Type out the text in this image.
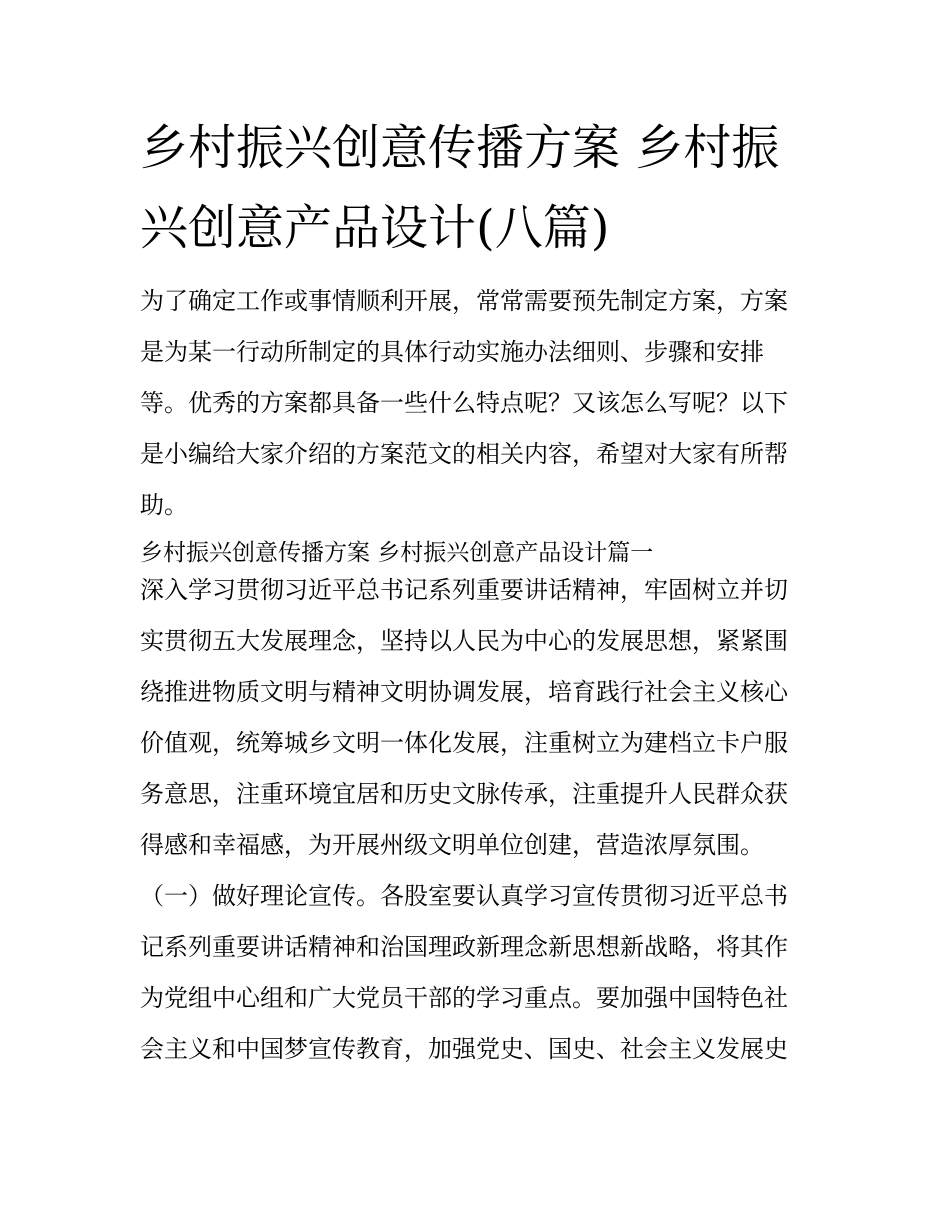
乡村振兴创意传播方案 乡村振
兴创意产品设计(八篇)
为了确定工作或事情顺利开展，常常需要预先制定方案，方案
是为某一行动所制定的具体行动实施办法细则、步骤和安排
等。优秀的方案都具备一些什么特点呢？又该怎么写呢？以下
是小编给大家介绍的方案范文的相关内容，希望对大家有所帮
助。
乡村振兴创意传播方案 乡村振兴创意产品设计篇一
深入学习贯彻习近平总书记系列重要讲话精神，牢固树立并切
实贯彻五大发展理念，坚持以人民为中心的发展思想，紧紧围
绕推进物质文明与精神文明协调发展，培育践行社会主义核心
价值观，统筹城乡文明一体化发展，注重树立为建档立卡户服
务意思，注重环境宜居和历史文脉传承，注重提升人民群众获
得感和幸福感，为开展州级文明单位创建，营造浓厚氛围。
（一）做好理论宣传。各股室要认真学习宣传贯彻习近平总书
记系列重要讲话精神和治国理政新理念新思想新战略，将其作
为党组中心组和广大党员干部的学习重点。要加强中国特色社
会主义和中国梦宣传教育，加强党史、国史、社会主义发展史
